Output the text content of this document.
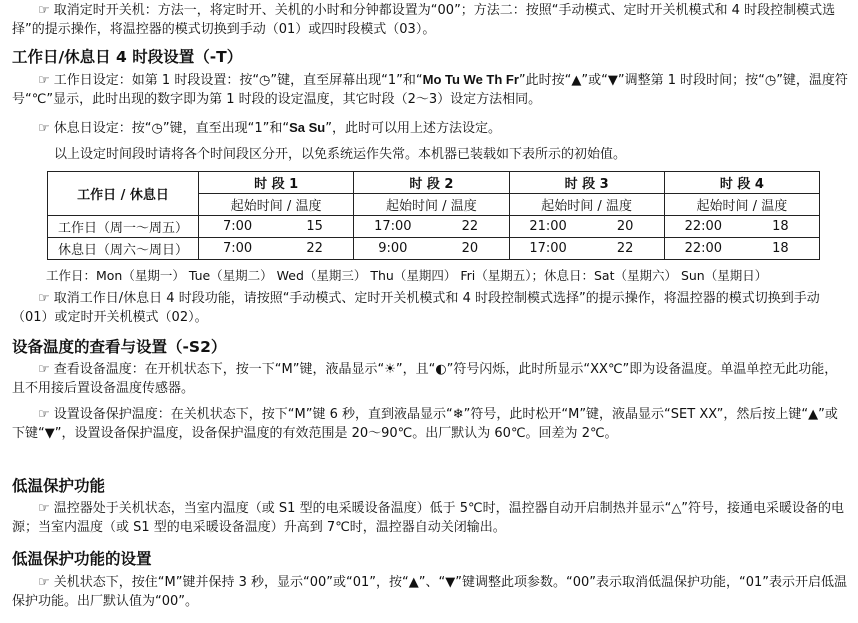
☞ 取消定时开关机：方法一，将定时开、关机的小时和分钟都设置为“00”；方法二：按照“手动模式、定时开关机模式和 4 时段控制模式选择”的提示操作，将温控器的模式切换到手动（01）或四时段模式（03）。

工作日/休息日 4 时段设置（-T）

☞ 工作日设定：如第 1 时段设置：按“◷”键，直至屏幕出现“1”和“Mo Tu We Th Fr”此时按“▲”或“▼”调整第 1 时段时间；按“◷”键，温度符号“℃”显示，此时出现的数字即为第 1 时段的设定温度，其它时段（2～3）设定方法相同。

☞ 休息日设定：按“◷”键，直至出现“1”和“Sa Su”，此时可以用上述方法设定。

以上设定时间段时请将各个时间段区分开，以免系统运作失常。本机器已装载如下表所示的初始值。

工作日 / 休息日	时 段 1	时 段 2	时 段 3	时 段 4
	起始时间 / 温度	起始时间 / 温度	起始时间 / 温度	起始时间 / 温度
工作日（周一～周五）	7:00 15	17:00 22	21:00 20	22:00 18

休息日（周六～周日）	7:00 22	9:00 20	17:00 22	22:00 18

工作日：Mon（星期一） Tue（星期二） Wed（星期三） Thu（星期四） Fri（星期五）；休息日：Sat（星期六） Sun（星期日）

☞ 取消工作日/休息日 4 时段功能，请按照“手动模式、定时开关机模式和 4 时段控制模式选择”的提示操作，将温控器的模式切换到手动（01）或定时开关机模式（02）。

设备温度的查看与设置（-S2）

☞ 查看设备温度：在开机状态下，按一下“M”键，液晶显示“☀”，且“◐”符号闪烁，此时所显示“XX℃”即为设备温度。单温单控无此功能，且不用接后置设备温度传感器。

☞ 设置设备保护温度：在关机状态下，按下“M”键 6 秒，直到液晶显示“❄”符号，此时松开“M”键，液晶显示“SET XX”，然后按上键“▲”或下键“▼”，设置设备保护温度，设备保护温度的有效范围是 20～90℃。出厂默认为 60℃。回差为 2℃。

低温保护功能

☞ 温控器处于关机状态，当室内温度（或 S1 型的电采暖设备温度）低于 5℃时，温控器自动开启制热并显示“△”符号，接通电采暖设备的电源；当室内温度（或 S1 型的电采暖设备温度）升高到 7℃时，温控器自动关闭输出。

低温保护功能的设置

☞ 关机状态下，按住“M”键并保持 3 秒，显示“00”或“01”，按“▲”、“▼”键调整此项参数。“00”表示取消低温保护功能，“01”表示开启低温保护功能。出厂默认值为“00”。
